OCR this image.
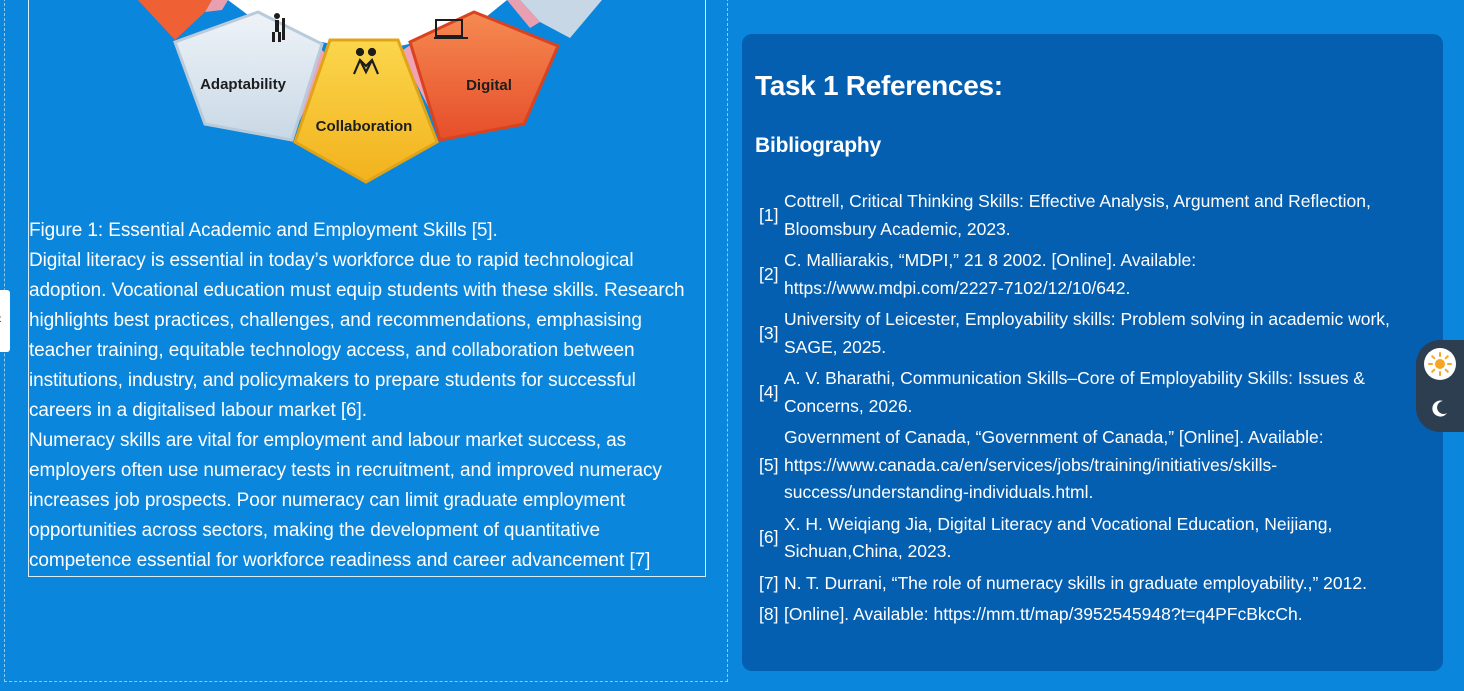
Adaptability
Collaboration
Digital
Figure 1: Essential Academic and Employment Skills [5].

Digital literacy is essential in today’s workforce due to rapid technological adoption. Vocational education must equip students with these skills. Research highlights best practices, challenges, and recommendations, emphasising teacher training, equitable technology access, and collaboration between institutions, industry, and policymakers to prepare students for successful careers in a digitalised labour market [6].

Numeracy skills are vital for employment and labour market success, as employers often use numeracy tests in recruitment, and improved numeracy increases job prospects. Poor numeracy can limit graduate employment opportunities across sectors, making the development of quantitative competence essential for workforce readiness and career advancement [7]

Task 1 References:
Bibliography
[1]
Cottrell, Critical Thinking Skills: Effective Analysis, Argument and Reflection, Bloomsbury Academic, 2023.
[2]
C. Malliarakis, “MDPI,” 21 8 2002. [Online]. Available: https://www.mdpi.com/2227-7102/12/10/642.
[3]
University of Leicester, Employability skills: Problem solving in academic work, SAGE, 2025.
[4]
A. V. Bharathi, Communication Skills–Core of Employability Skills: Issues & Concerns, 2026.
[5]
Government of Canada, “Government of Canada,” [Online]. Available: https://www.canada.ca/en/services/jobs/training/initiatives/skills-success/understanding-individuals.html.
[6]
X. H. Weiqiang Jia, Digital Literacy and Vocational Education, Neijiang, Sichuan,China, 2023.
[7] N. T. Durrani, “The role of numeracy skills in graduate employability.,” 2012.
[8] [Online]. Available: https://mm.tt/map/3952545948?t=q4PFcBkcCh.
